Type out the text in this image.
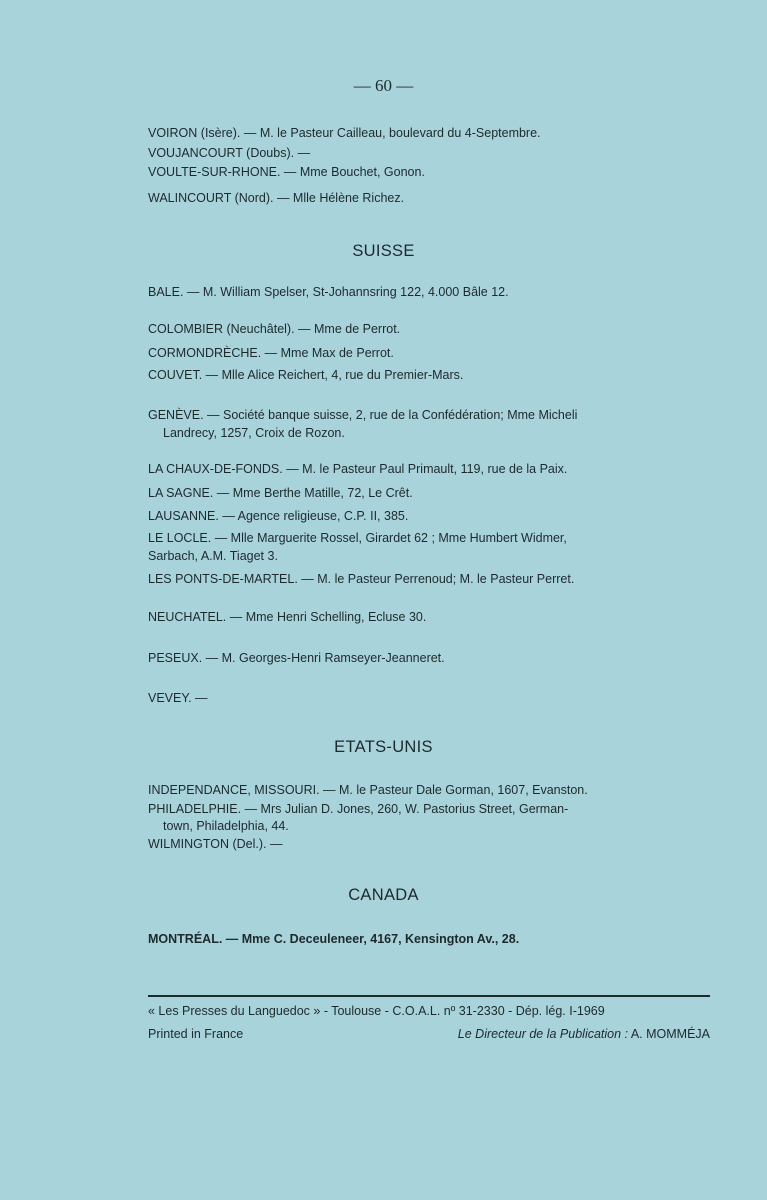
— 60 —
VOIRON (Isère). — M. le Pasteur Cailleau, boulevard du 4-Septembre.
VOUJANCOURT (Doubs). —
VOULTE-SUR-RHONE. — Mme Bouchet, Gonon.
WALINCOURT (Nord). — Mlle Hélène Richez.
SUISSE
BALE. — M. William Spelser, St-Johannsring 122, 4.000 Bâle 12.
COLOMBIER (Neuchâtel). — Mme de Perrot.
CORMONDRÈCHE. — Mme Max de Perrot.
COUVET. — Mlle Alice Reichert, 4, rue du Premier-Mars.
GENÈVE. — Société banque suisse, 2, rue de la Confédération; Mme Micheli
Landrecy, 1257, Croix de Rozon.
LA CHAUX-DE-FONDS. — M. le Pasteur Paul Primault, 119, rue de la Paix.
LA SAGNE. — Mme Berthe Matille, 72, Le Crêt.
LAUSANNE. — Agence religieuse, C.P. II, 385.
LE LOCLE. — Mlle Marguerite Rossel, Girardet 62 ; Mme Humbert Widmer,
Sarbach, A.M. Tiaget 3.
LES PONTS-DE-MARTEL. — M. le Pasteur Perrenoud; M. le Pasteur Perret.
NEUCHATEL. — Mme Henri Schelling, Ecluse 30.
PESEUX. — M. Georges-Henri Ramseyer-Jeanneret.
VEVEY. —
ETATS-UNIS
INDEPENDANCE, MISSOURI. — M. le Pasteur Dale Gorman, 1607, Evanston.
PHILADELPHIE. — Mrs Julian D. Jones, 260, W. Pastorius Street, German-
town, Philadelphia, 44.
WILMINGTON (Del.). —
CANADA
MONTRÉAL. — Mme C. Deceuleneer, 4167, Kensington Av., 28.
« Les Presses du Languedoc » - Toulouse - C.O.A.L. nº 31-2330 - Dép. lég. I-1969
Printed in France	Le Directeur de la Publication : A. MOMMÉJA
